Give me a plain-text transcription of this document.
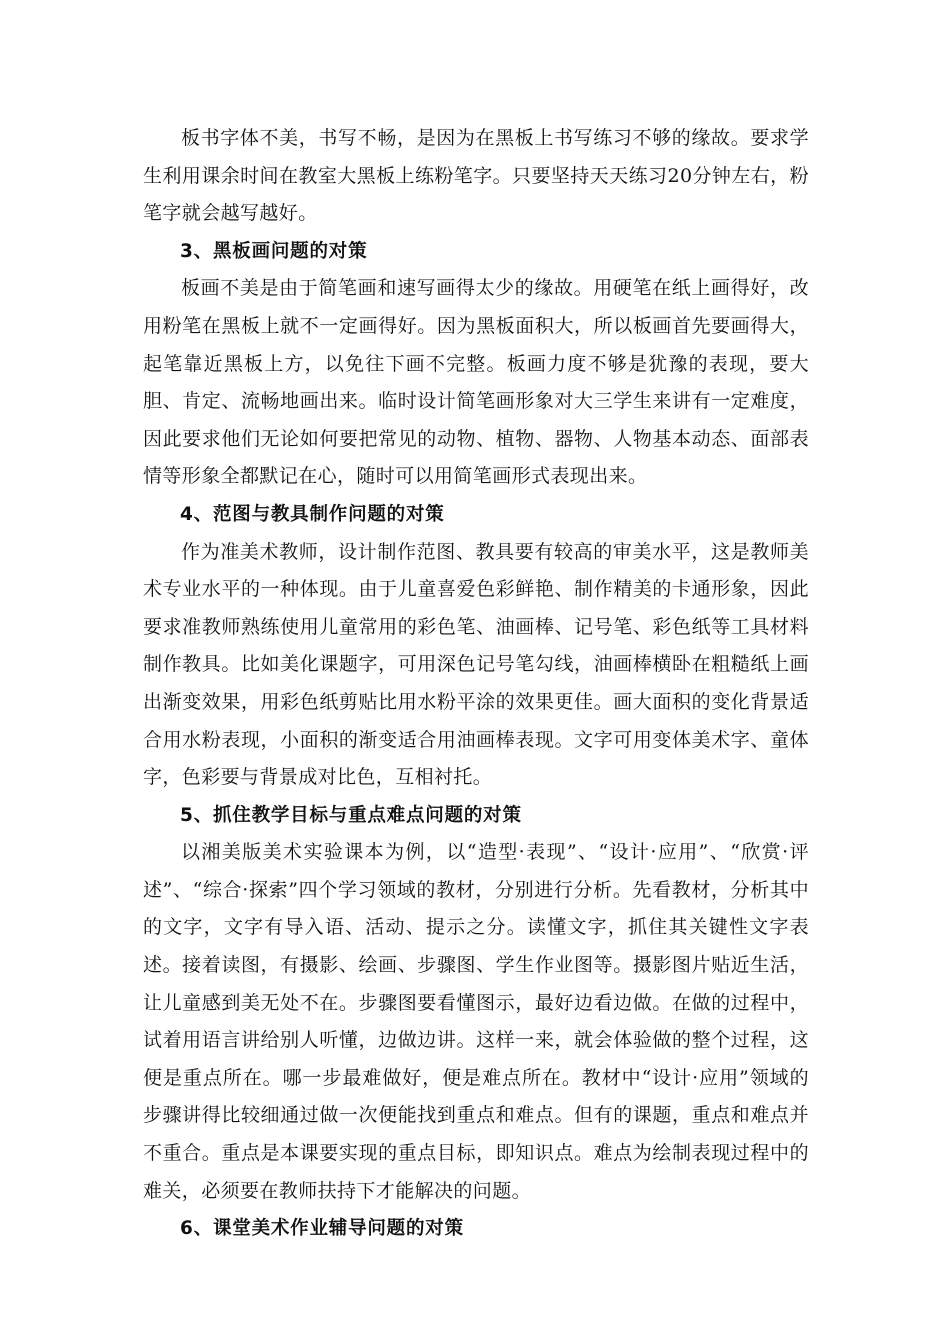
板书字体不美，书写不畅，是因为在黑板上书写练习不够的缘故。要求学生利用课余时间在教室大黑板上练粉笔字。只要坚持天天练习20分钟左右，粉笔字就会越写越好。

3、黑板画问题的对策

板画不美是由于简笔画和速写画得太少的缘故。用硬笔在纸上画得好，改用粉笔在黑板上就不一定画得好。因为黑板面积大，所以板画首先要画得大，起笔靠近黑板上方，以免往下画不完整。板画力度不够是犹豫的表现，要大胆、肯定、流畅地画出来。临时设计简笔画形象对大三学生来讲有一定难度，因此要求他们无论如何要把常见的动物、植物、器物、人物基本动态、面部表情等形象全都默记在心，随时可以用简笔画形式表现出来。

4、范图与教具制作问题的对策

作为准美术教师，设计制作范图、教具要有较高的审美水平，这是教师美术专业水平的一种体现。由于儿童喜爱色彩鲜艳、制作精美的卡通形象，因此要求准教师熟练使用儿童常用的彩色笔、油画棒、记号笔、彩色纸等工具材料制作教具。比如美化课题字，可用深色记号笔勾线，油画棒横卧在粗糙纸上画出渐变效果，用彩色纸剪贴比用水粉平涂的效果更佳。画大面积的变化背景适合用水粉表现，小面积的渐变适合用油画棒表现。文字可用变体美术字、童体字，色彩要与背景成对比色，互相衬托。

5、抓住教学目标与重点难点问题的对策

以湘美版美术实验课本为例，以“造型·表现”、“设计·应用”、“欣赏·评述”、“综合·探索”四个学习领域的教材，分别进行分析。先看教材，分析其中的文字，文字有导入语、活动、提示之分。读懂文字，抓住其关键性文字表述。接着读图，有摄影、绘画、步骤图、学生作业图等。摄影图片贴近生活，让儿童感到美无处不在。步骤图要看懂图示，最好边看边做。在做的过程中，试着用语言讲给别人听懂，边做边讲。这样一来，就会体验做的整个过程，这便是重点所在。哪一步最难做好，便是难点所在。教材中“设计·应用”领域的步骤讲得比较细通过做一次便能找到重点和难点。但有的课题，重点和难点并不重合。重点是本课要实现的重点目标，即知识点。难点为绘制表现过程中的难关，必须要在教师扶持下才能解决的问题。

6、课堂美术作业辅导问题的对策
